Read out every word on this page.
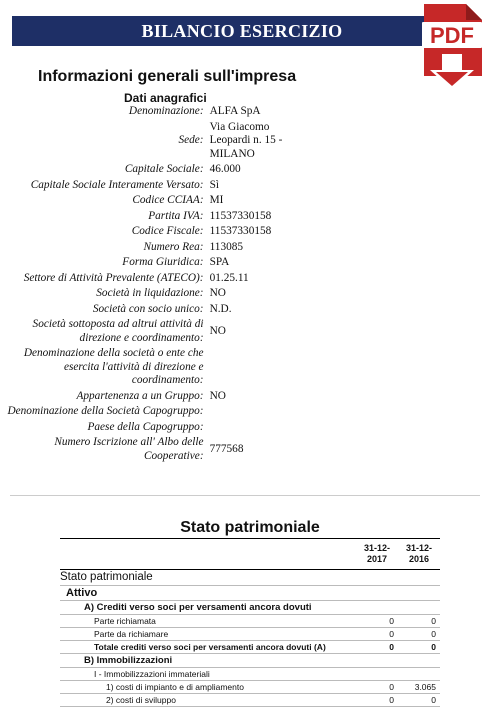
BILANCIO ESERCIZIO	PDF
Informazioni generali sull'impresa
Dati anagrafici
Denominazione:	ALFA SpA
Sede:	Via Giacomo Leopardi n. 15 - MILANO
Capitale Sociale:	46.000
Capitale Sociale Interamente Versato:	Sì
Codice CCIAA:	MI
Partita IVA:	11537330158
Codice Fiscale:	11537330158
Numero Rea:	113085
Forma Giuridica:	SPA
Settore di Attività Prevalente (ATECO):	01.25.11
Società in liquidazione:	NO
Società con socio unico:	N.D.
Società sottoposta ad altrui attività di direzione e coordinamento:	NO
Denominazione della società o ente che esercita l'attività di direzione e coordinamento:	
Appartenenza a un Gruppo:	NO
Denominazione della Società Capogruppo:	
Paese della Capogruppo:	
Numero Iscrizione all' Albo delle Cooperative:	777568
Stato patrimoniale
	31-12-2017	31-12-2016
Stato patrimoniale		
Attivo		
A) Crediti verso soci per versamenti ancora dovuti		
Parte richiamata	0	0
Parte da richiamare	0	0
Totale crediti verso soci per versamenti ancora dovuti (A)	0	0
B) Immobilizzazioni		
I - Immobilizzazioni immateriali		
1) costi di impianto e di ampliamento	0	3.065
2) costi di sviluppo	0	0
